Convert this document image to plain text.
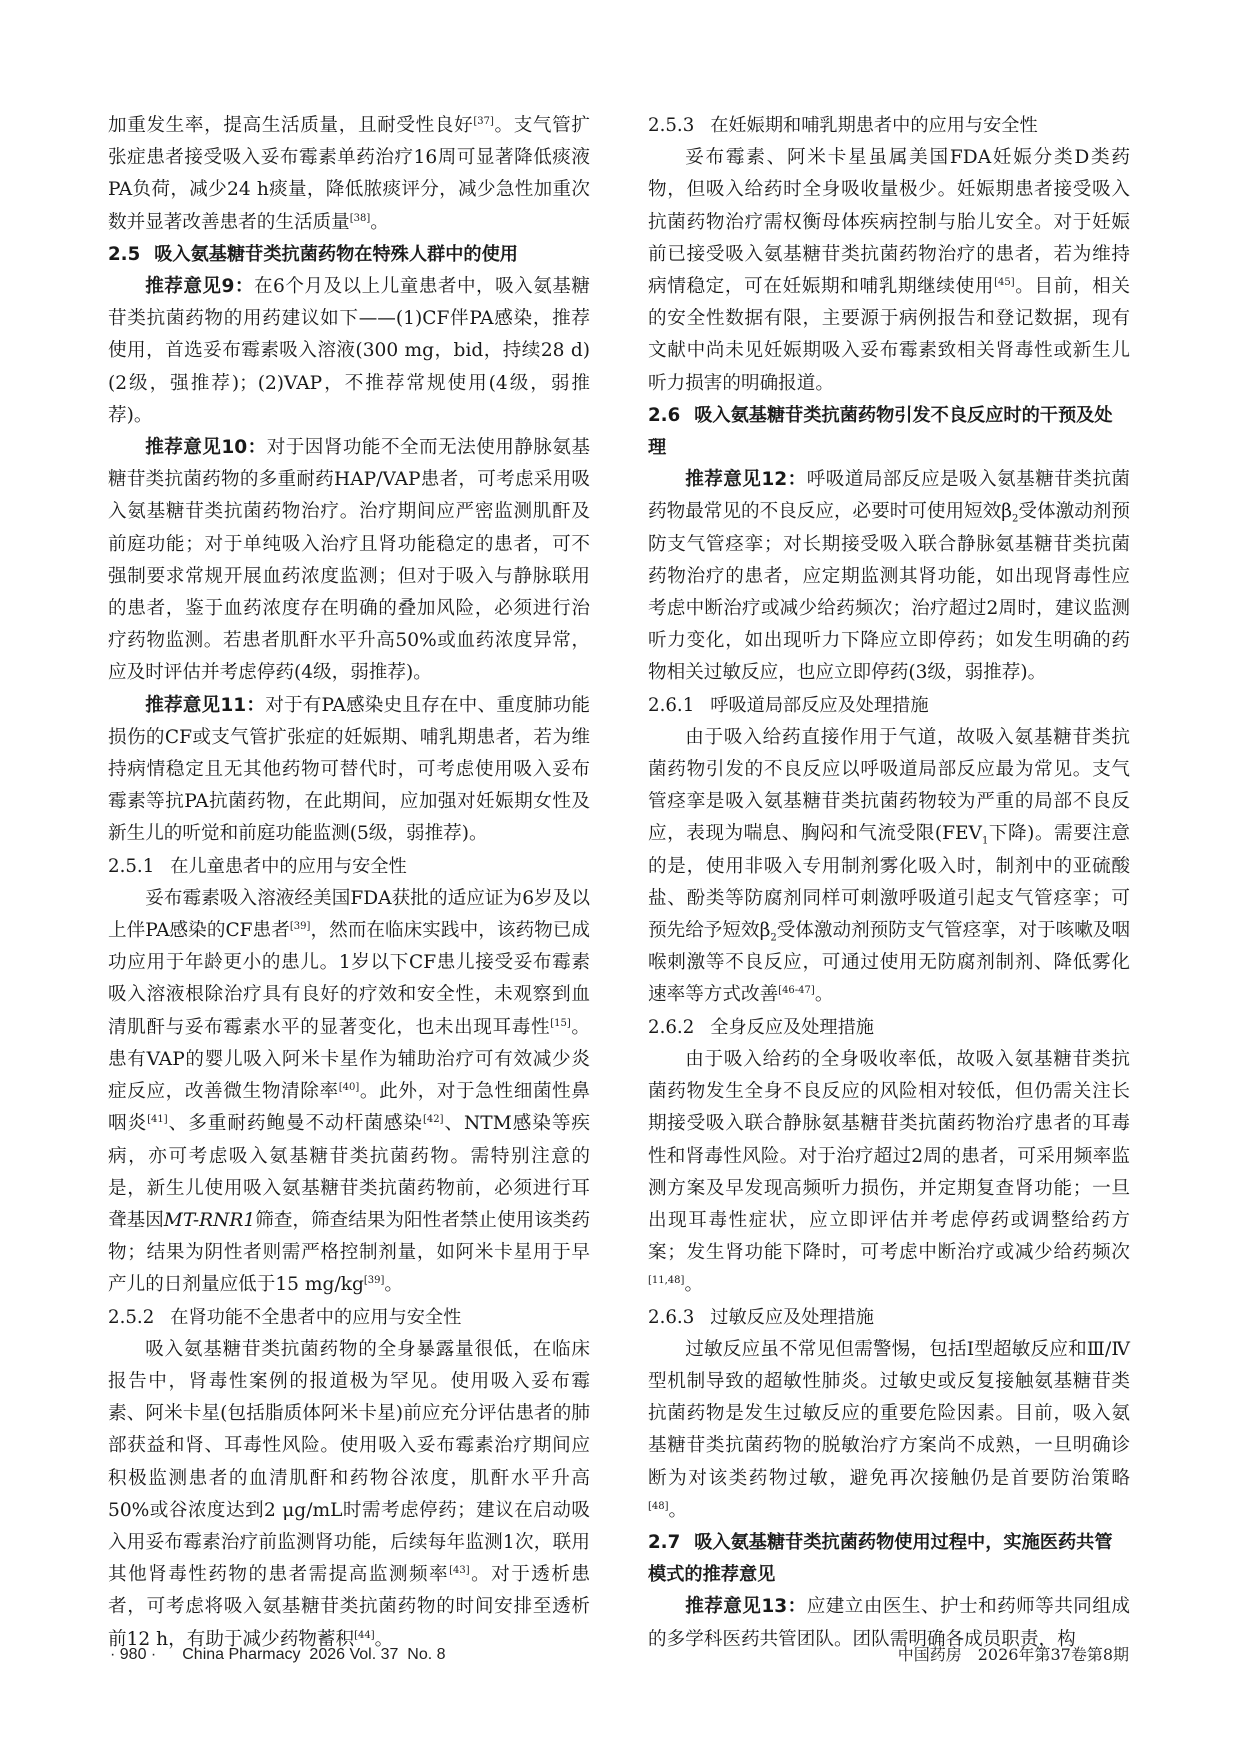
加重发生率，提高生活质量，且耐受性良好[37]。支气管扩张症患者接受吸入妥布霉素单药治疗16周可显著降低痰液PA负荷，减少24 h痰量，降低脓痰评分，减少急性加重次数并显著改善患者的生活质量[38]。

2.5 吸入氨基糖苷类抗菌药物在特殊人群中的使用

推荐意见9：在6个月及以上儿童患者中，吸入氨基糖苷类抗菌药物的用药建议如下——(1)CF伴PA感染，推荐使用，首选妥布霉素吸入溶液(300 mg，bid，持续28 d)(2级，强推荐)；(2)VAP，不推荐常规使用(4级，弱推荐)。

推荐意见10：对于因肾功能不全而无法使用静脉氨基糖苷类抗菌药物的多重耐药HAP/VAP患者，可考虑采用吸入氨基糖苷类抗菌药物治疗。治疗期间应严密监测肌酐及前庭功能；对于单纯吸入治疗且肾功能稳定的患者，可不强制要求常规开展血药浓度监测；但对于吸入与静脉联用的患者，鉴于血药浓度存在明确的叠加风险，必须进行治疗药物监测。若患者肌酐水平升高50%或血药浓度异常，应及时评估并考虑停药(4级，弱推荐)。

推荐意见11：对于有PA感染史且存在中、重度肺功能损伤的CF或支气管扩张症的妊娠期、哺乳期患者，若为维持病情稳定且无其他药物可替代时，可考虑使用吸入妥布霉素等抗PA抗菌药物，在此期间，应加强对妊娠期女性及新生儿的听觉和前庭功能监测(5级，弱推荐)。

2.5.1 在儿童患者中的应用与安全性

妥布霉素吸入溶液经美国FDA获批的适应证为6岁及以上伴PA感染的CF患者[39]，然而在临床实践中，该药物已成功应用于年龄更小的患儿。1岁以下CF患儿接受妥布霉素吸入溶液根除治疗具有良好的疗效和安全性，未观察到血清肌酐与妥布霉素水平的显著变化，也未出现耳毒性[15]。患有VAP的婴儿吸入阿米卡星作为辅助治疗可有效减少炎症反应，改善微生物清除率[40]。此外，对于急性细菌性鼻咽炎[41]、多重耐药鲍曼不动杆菌感染[42]、NTM感染等疾病，亦可考虑吸入氨基糖苷类抗菌药物。需特别注意的是，新生儿使用吸入氨基糖苷类抗菌药物前，必须进行耳聋基因MT-RNR1筛查，筛查结果为阳性者禁止使用该类药物；结果为阴性者则需严格控制剂量，如阿米卡星用于早产儿的日剂量应低于15 mg/kg[39]。

2.5.2 在肾功能不全患者中的应用与安全性

吸入氨基糖苷类抗菌药物的全身暴露量很低，在临床报告中，肾毒性案例的报道极为罕见。使用吸入妥布霉素、阿米卡星(包括脂质体阿米卡星)前应充分评估患者的肺部获益和肾、耳毒性风险。使用吸入妥布霉素治疗期间应积极监测患者的血清肌酐和药物谷浓度，肌酐水平升高50%或谷浓度达到2 μg/mL时需考虑停药；建议在启动吸入用妥布霉素治疗前监测肾功能，后续每年监测1次，联用其他肾毒性药物的患者需提高监测频率[43]。对于透析患者，可考虑将吸入氨基糖苷类抗菌药物的时间安排至透析前12 h，有助于减少药物蓄积[44]。

2.5.3 在妊娠期和哺乳期患者中的应用与安全性

妥布霉素、阿米卡星虽属美国FDA妊娠分类D类药物，但吸入给药时全身吸收量极少。妊娠期患者接受吸入抗菌药物治疗需权衡母体疾病控制与胎儿安全。对于妊娠前已接受吸入氨基糖苷类抗菌药物治疗的患者，若为维持病情稳定，可在妊娠期和哺乳期继续使用[45]。目前，相关的安全性数据有限，主要源于病例报告和登记数据，现有文献中尚未见妊娠期吸入妥布霉素致相关肾毒性或新生儿听力损害的明确报道。

2.6 吸入氨基糖苷类抗菌药物引发不良反应时的干预及处理

推荐意见12：呼吸道局部反应是吸入氨基糖苷类抗菌药物最常见的不良反应，必要时可使用短效$\beta_2$受体激动剂预防支气管痉挛；对长期接受吸入联合静脉氨基糖苷类抗菌药物治疗的患者，应定期监测其肾功能，如出现肾毒性应考虑中断治疗或减少给药频次；治疗超过2周时，建议监测听力变化，如出现听力下降应立即停药；如发生明确的药物相关过敏反应，也应立即停药(3级，弱推荐)。

2.6.1 呼吸道局部反应及处理措施

由于吸入给药直接作用于气道，故吸入氨基糖苷类抗菌药物引发的不良反应以呼吸道局部反应最为常见。支气管痉挛是吸入氨基糖苷类抗菌药物较为严重的局部不良反应，表现为喘息、胸闷和气流受限($FEV_1$下降)。需要注意的是，使用非吸入专用制剂雾化吸入时，制剂中的亚硫酸盐、酚类等防腐剂同样可刺激呼吸道引起支气管痉挛；可预先给予短效$\beta_2$受体激动剂预防支气管痉挛，对于咳嗽及咽喉刺激等不良反应，可通过使用无防腐剂制剂、降低雾化速率等方式改善[46-47]。

2.6.2 全身反应及处理措施

由于吸入给药的全身吸收率低，故吸入氨基糖苷类抗菌药物发生全身不良反应的风险相对较低，但仍需关注长期接受吸入联合静脉氨基糖苷类抗菌药物治疗患者的耳毒性和肾毒性风险。对于治疗超过2周的患者，可采用频率监测方案及早发现高频听力损伤，并定期复查肾功能；一旦出现耳毒性症状，应立即评估并考虑停药或调整给药方案；发生肾功能下降时，可考虑中断治疗或减少给药频次[11,48]。

2.6.3 过敏反应及处理措施

过敏反应虽不常见但需警惕，包括Ⅰ型超敏反应和Ⅲ/Ⅳ型机制导致的超敏性肺炎。过敏史或反复接触氨基糖苷类抗菌药物是发生过敏反应的重要危险因素。目前，吸入氨基糖苷类抗菌药物的脱敏治疗方案尚不成熟，一旦明确诊断为对该类药物过敏，避免再次接触仍是首要防治策略[48]。

2.7 吸入氨基糖苷类抗菌药物使用过程中，实施医药共管模式的推荐意见

推荐意见13：应建立由医生、护士和药师等共同组成的多学科医药共管团队。团队需明确各成员职责，构

· 980 · China Pharmacy  2026 Vol. 37  No. 8	中国药房　2026年第37卷第8期
